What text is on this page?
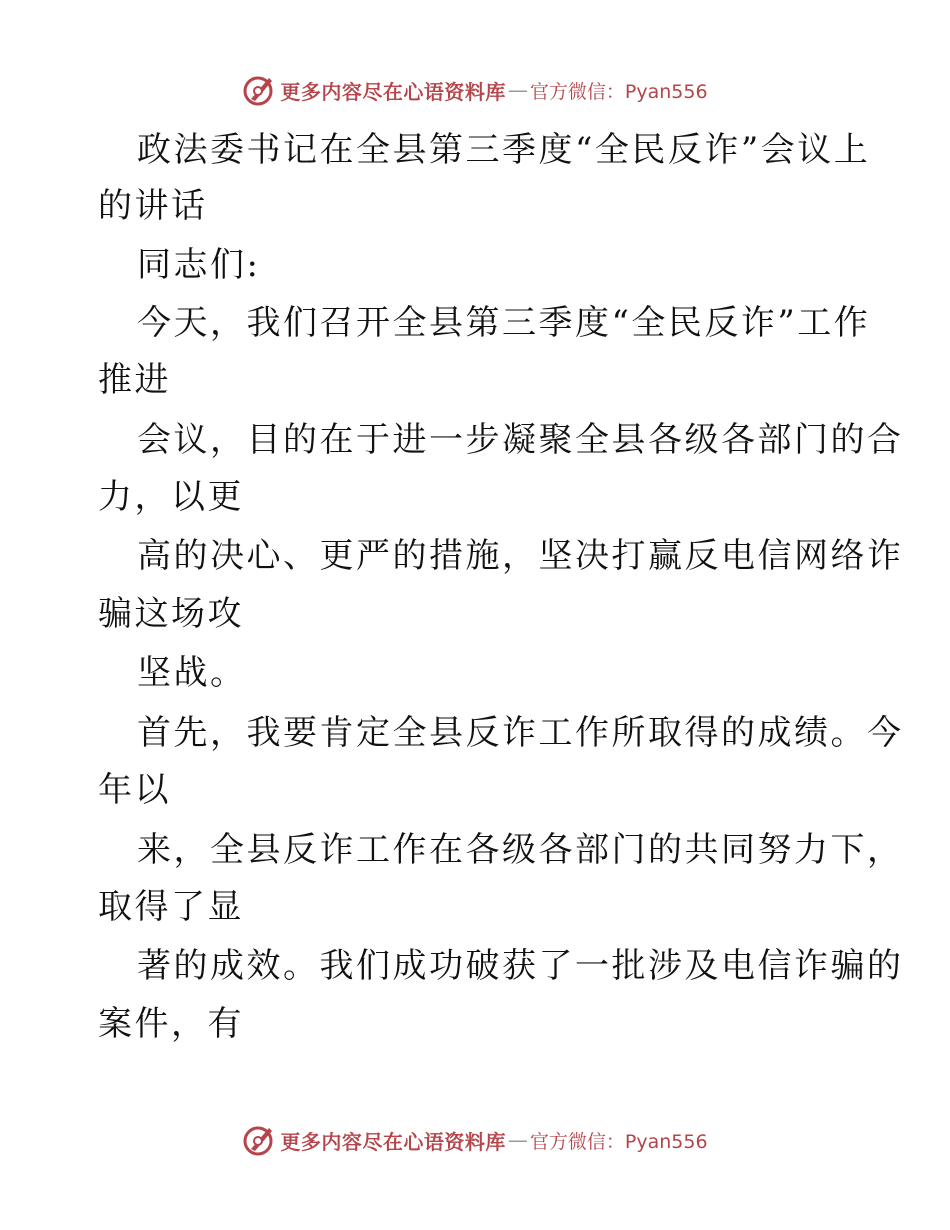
更多内容尽在心语资料库 — 官方微信：Pyan556
政法委书记在全县第三季度“全民反诈”会议上
的讲话
同志们:
今天，我们召开全县第三季度“全民反诈”工作
推进
会议，目的在于进一步凝聚全县各级各部门的合
力，以更
高的决心、更严的措施，坚决打赢反电信网络诈
骗这场攻
坚战。
首先，我要肯定全县反诈工作所取得的成绩。今
年以
来，全县反诈工作在各级各部门的共同努力下，
取得了显
著的成效。我们成功破获了一批涉及电信诈骗的
案件，有
更多内容尽在心语资料库 — 官方微信：Pyan556
